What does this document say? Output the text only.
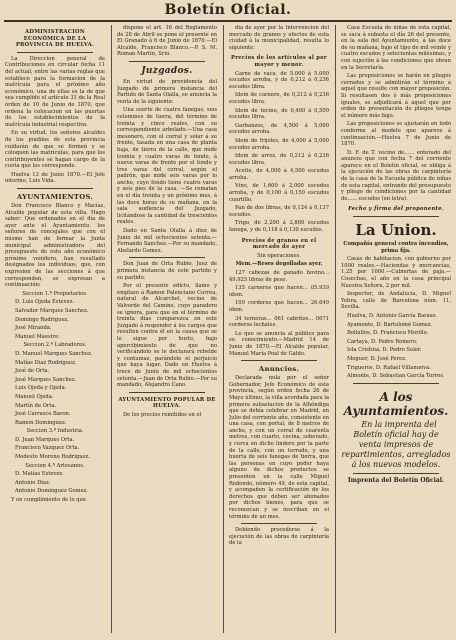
Boletín Oficial.
ADMINISTRACION ECONÓMICA DE LA PROVINCIA DE HUELVA.

La Direccion general de Contribuciones en circular fecha 11 del actual, entre las varias reglas que establece para la formacion de la matrícula para el próximo año económico, una de ellas es la de que sea cumplido el artículo 31 de la Real órden de 10 de Junio de 1870, que ordena la colocacion en las puertas de los establecimientos de la matrícula industrial respectiva.

En su virtud, los señores alcaldes de los pueblos de esta provincia cuidarán de que se formen y se coloquen las matrículas, para que los contribuyentes se hagan cargo de la cuota que les corresponde.

Huelva 13 de Junio 1870.—El Jefe interino, Luis Vida.

AYUNTAMIENTOS.

Don Francisco Blanco y Macías, Alcalde popular de esta villa. Hago saber: Que ordenados en el día de ayer ante el Ayuntamiento, los señores de concejales que con el mismo han de formar la Junta municipal administradora del presupuesto de este año económico próximo venidero, han resultado designados los individuos, que, con expresion de las secciones á que corresponden, se expresan a continuación:

Seccion 1.ª Propietarios.

D. Luis Ojeda Estevez.

Salvador Marques Sanchez.

Domingo Rodriguez.

José Miranda.

Manuel Maestre.

Seccion 2.ª Labradores.

D. Manuel Marques Sanchez.

Matías Diaz Rodriguez.

José de Orta.

José Marques Sanchez.

Luis Ojeda y Ojeda.

Manuel Ojeda.

Martín de Orta.

José Carrasco Baron.

Ramon Dominguez.

Seccion 3.ª Industria.

D. Juan Marques Orta.

Francisco Vazquez Orta.

Modesto Moreno Rodriguez.

Seccion 4.ª Artesanos.

D. Matías Estevez.

Antonio Diaz.

Antonio Dominguez Gomez.

Y en cumplimiento de lo que

dispone el art. 16 del Reglamento de 20 de Abril se pone el presente en El Granado á 6 de Junio de 1870.—El Alcalde, Francisco Blanco.—P. S. M. Roman Martín, Srio.

Juzgados.

En virtud de providencia del Juzgado de primera instancia del Partido de Santa Olalla, se anuncia la venta de la siguiente:

Una suerte de cuatro fanegas, seis celemines de tierra, del término de treinta y cinco reales, con su correspondiente arbolado.—Una casa mesonero, con el corral y solar á su frente, tasada en una casa de planta baja, de tierra de la calle, que mide treinta y cuatro varas de fondo, á nueve varas de frente por el fondo y tres varas del corral, según el padrón, que mide seis varas por lo ancho, cuyo fondo tiene cuatro varas y seis pies de la casa. —Se rematan en el día treinta y un próximo mes, á las doce horas de su mañana, en la sala audiencia del Juzgado, licitándose la cantidad de trescientos reales.

Dado en Santa Olalla á diez de Junio de mil ochocientos setenta.—Fernando Sanchez.—Por su mandado, Abelardo Gomez.

Don Juan de Orta Rubio, Juez de primera instancia de este partido y su partido.

Por el presente edicto, llamo y emplazo á Ramon Palenciano Correa, natural de Alcarchel, vecino de Valverde del Camino, cuyo paradero se ignora, para que en el término de treinta días comparezca en este Juzgado á responder á los cargos que resulten contra él en la causa que se le sigue por hurto, bajo apercibimiento de que no verificándolo se le declarará rebelde y contumaz, parándole el perjuicio que haya lugar. Dado en Huelva á trece de Junio de mil ochocientos setenta.—Juan de Orta Rubio.—Por su mandado, Alejandro Cano.

AYUNTAMIENTO POPULAR DE HUELVA.

De los precios remitidos en el

día de ayer por la Intervencion del mercado de granos y efectos de esta ciudad á la municipalidad, resulta lo siguiente:

Precios de los artículos al por mayor y menor.

Carne de vaca, de 5.000 á 5.000 escudos arroba, y de 0,212 á 0,236 escudos libra.

Idem de carnero, de 0,212 á 0,236 escudos libra.

Idem de tocino, de 0,400 á 0,500 escudos libra.

Garbanzos, de 4,500 á 5,000 escudos arroba.

Idem de frijoles, de 4,000 á 5,000 escudos arroba.

Idem de arroz, de 0,212 á 0,236 escudos libra.

Aceite, de 4,000 á 4,500 escudos arroba.

Vino, de 1,600 á 2,000 escudos arroba, y de 0,100 á 0,150 escudos cuartillo.

Pan de dos libras, de 0,124 á 0,137 escudos.

Trigo, de 2,200 á 2,800 escudos fanega, y de 0,118 á 0,130 escudos.

Precios de granos en el mercado de ayer

Sin operaciones.

Mem.—Reses degolladas ayer.

127 cabezas de ganado bovino... 49.925 libras de peso.

135 carneros que hacen... 05.939 idem.

109 corderos que hacen... 26.649 idem.

34 terneras... 061 cabritos... 0671 corderos lechales.

Lo que se anuncia al público para su conocimiento.—Madrid 14 de Junio de 1870.—El Alcalde popular, Manuel María Poal de Galdo.

Anuncios.

Declarada nula por el señor Gobernador, Jefe Económico de esta provincia, según orden fecha 26 de Mayo último, la villa acordada para la primera subastacion de la Alhóndiga que se debía celebrar en Madrid, en Julio del corriente año, consistente en una casa, con portal, de 8 metros de ancho, y con un corral de cuarenta metros, con cuarto, cocina, soberado, y cerca en dicho lindero por la parte de la calle, con un terrado, y una huerta de seis fanegas de tierra, que las personas en cuyo poder haya alguno de dichos productos se presenten en la calle Miguel Redondo, número 49, de esta capital, y acompañen la certificación de los derechos que deben ser abonados por dichos bienes, para que se reconozcan y se inscriban en el término de un mes.

Debiendo procederse á la ejecución de las obras de carpintería de la

Casa Escuela de niñas de esta capital, se saca á subasta el día 26 del presente, en la sala del Ayuntamiento, á las doce de su mañana, bajo el tipo de mil veinte y cuatro escudos y setecientas milésimas, y con sujeción á las condiciones que obran en la Secretaría.

Las proposiciones se harán en pliegos cerrados y se admitirán el término á aquel que resulte con mayor proposición. Si resultasen dos ó más proposiciones iguales, se adjudicará á aquel que por orden de presentación de pliegos tenga el número más bajo.

Las proposiciones se ajustarán en todo conforme al modelo que aparece á continuación.—Huelva 7 de Junio de 1870.

D. F. de T. vecino de...... enterado del anuncio que con fecha 7 del corriente aparece en el Boletín oficial, se obliga á la ejecución de las obras de carpintería de la casa de la Escuela pública de niñas de esta capital, entrando del presupuesto y pliego de condiciones por la cantidad de...... escudos (en letra).

Fecha y firma del proponente.
La Union.

Compañía general contra incendios, prima fija.

Casas de habitacion, con gobierno por 1000 reales.—Haciendas y mercancías, 1,25 por 1000.—Cubiertas de paja.—Cosechas, el año en la casa principal Nuestra Señora, 2 por mil.

Inspector, de Andalucía, D. Miguel Yebra, calle de Barcelona núm. 11, Sevilla.

Huelva, D. Antonio García Baraso.

Ayamonte, D. Bartolomé Gomez.

Bollullos, D. Francisco Morillo.

Cartaya, D. Pedro Romero.

Isla Cristina, D. Pedro Soler.

Moguer, D. José Perez.

Trigueros, D. Rafael Villanueva.

Almonte, D. Sebastian García Torres.

A los Ayuntamientos.

En la imprenta del Boletín oficial hay de venta impresos de repartimientos, arreglados á los nuevos modelos.

Imprenta del Boletín Oficial.
